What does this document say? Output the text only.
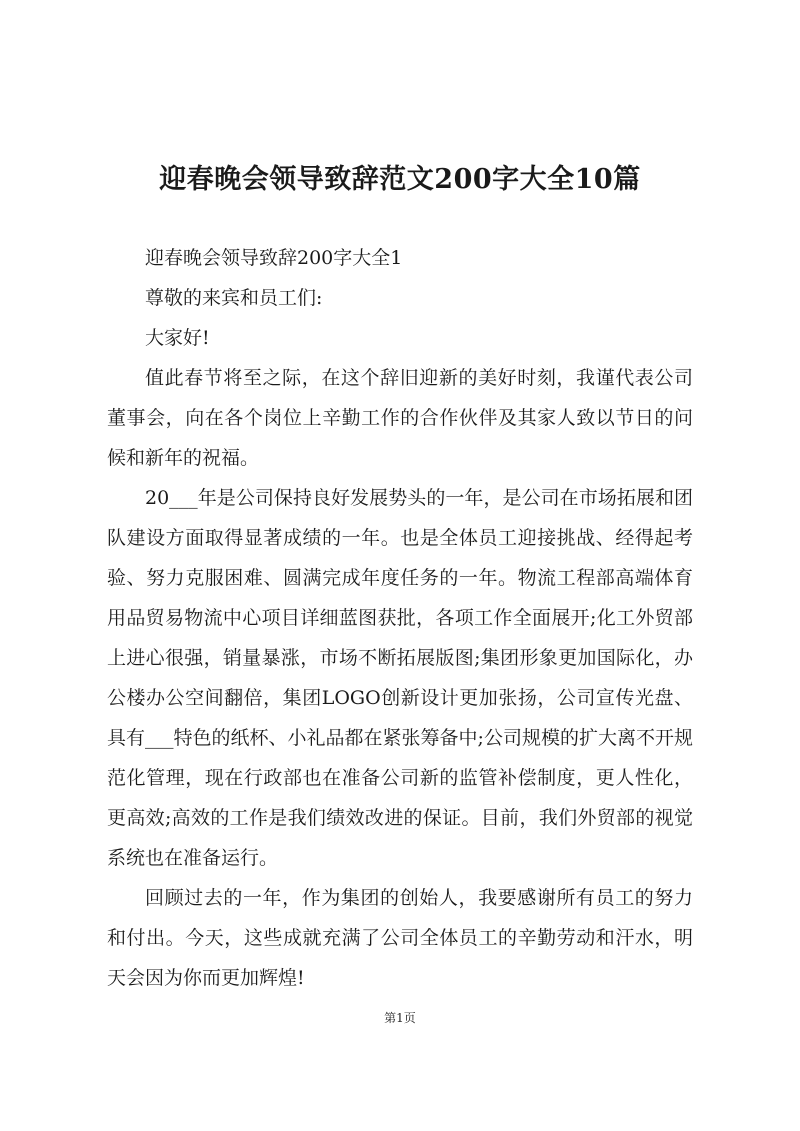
迎春晚会领导致辞范文200字大全10篇

迎春晚会领导致辞200字大全1

尊敬的来宾和员工们:

大家好!

值此春节将至之际，在这个辞旧迎新的美好时刻，我谨代表公司董事会，向在各个岗位上辛勤工作的合作伙伴及其家人致以节日的问候和新年的祝福。

20___年是公司保持良好发展势头的一年，是公司在市场拓展和团队建设方面取得显著成绩的一年。也是全体员工迎接挑战、经得起考验、努力克服困难、圆满完成年度任务的一年。物流工程部高端体育用品贸易物流中心项目详细蓝图获批，各项工作全面展开;化工外贸部上进心很强，销量暴涨，市场不断拓展版图;集团形象更加国际化，办公楼办公空间翻倍，集团LOGO创新设计更加张扬，公司宣传光盘、具有___特色的纸杯、小礼品都在紧张筹备中;公司规模的扩大离不开规范化管理，现在行政部也在准备公司新的监管补偿制度，更人性化，更高效;高效的工作是我们绩效改进的保证。目前，我们外贸部的视觉系统也在准备运行。

回顾过去的一年，作为集团的创始人，我要感谢所有员工的努力和付出。今天，这些成就充满了公司全体员工的辛勤劳动和汗水，明天会因为你而更加辉煌!

第1页
